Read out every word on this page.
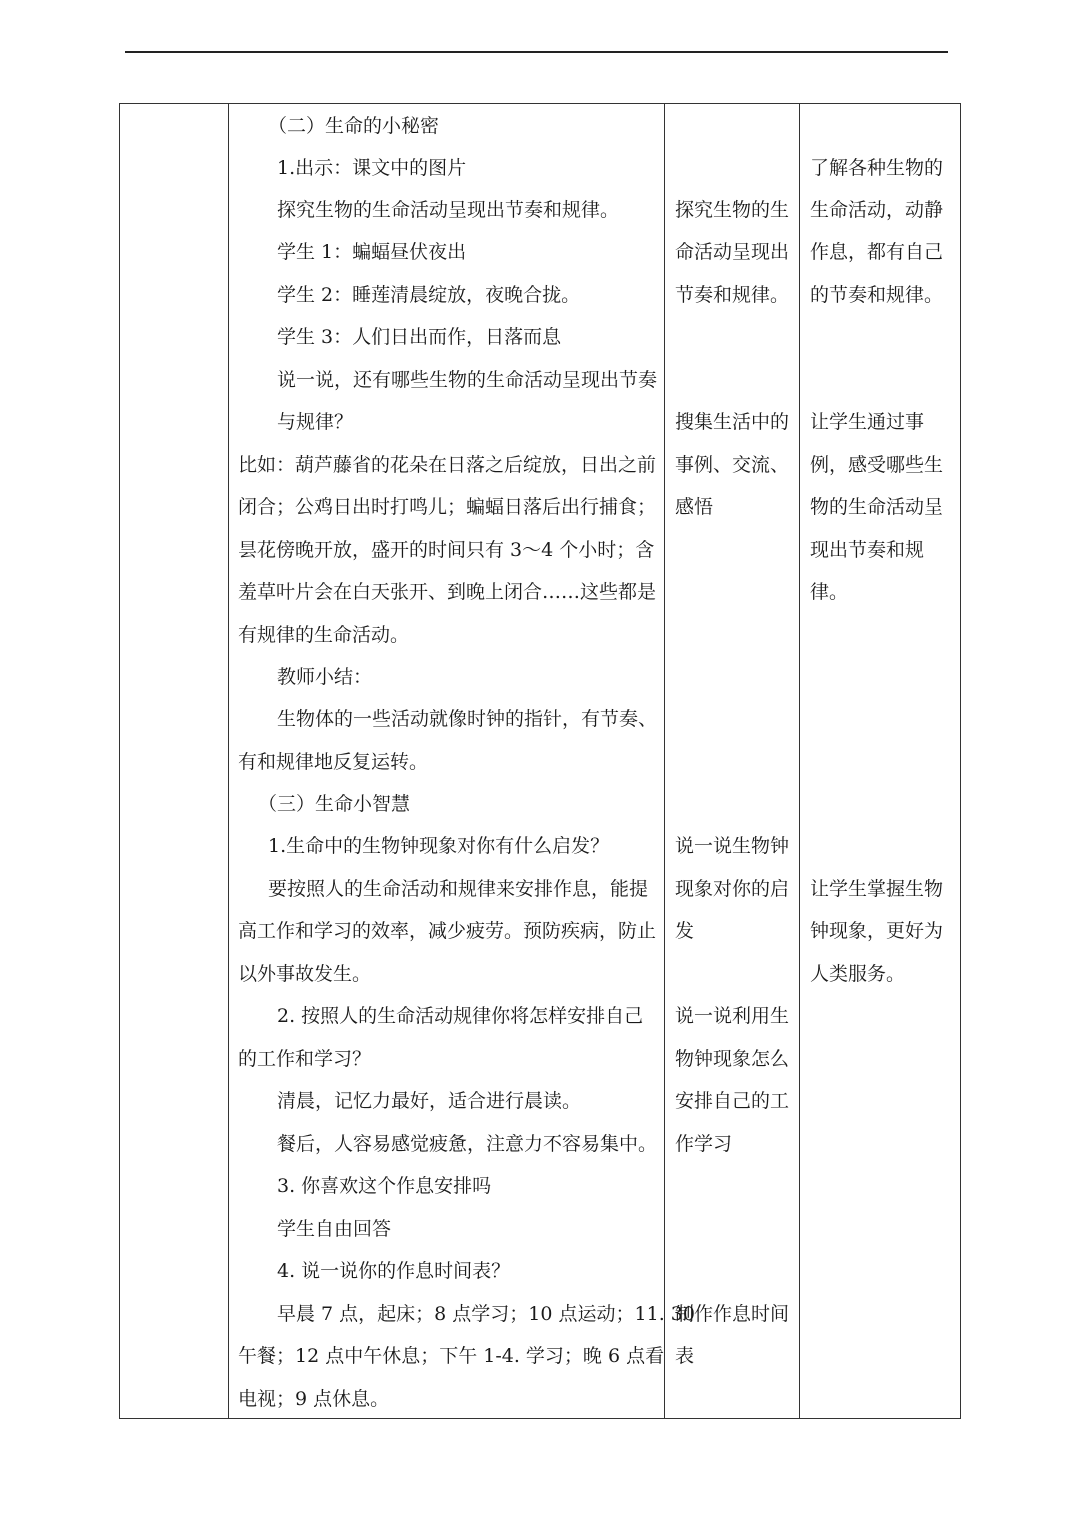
（二）生命的小秘密
1.出示：课文中的图片
探究生物的生命活动呈现出节奏和规律。
学生 1：蝙蝠昼伏夜出
学生 2：睡莲清晨绽放，夜晚合拢。
学生 3：人们日出而作，日落而息
说一说，还有哪些生物的生命活动呈现出节奏
与规律？
比如：葫芦藤省的花朵在日落之后绽放，日出之前
闭合；公鸡日出时打鸣儿；蝙蝠日落后出行捕食；
昙花傍晚开放，盛开的时间只有 3～4 个小时；含
羞草叶片会在白天张开、到晚上闭合……这些都是
有规律的生命活动。
教师小结：
生物体的一些活动就像时钟的指针，有节奏、
有和规律地反复运转。
（三）生命小智慧
1.生命中的生物钟现象对你有什么启发？
要按照人的生命活动和规律来安排作息，能提
高工作和学习的效率，减少疲劳。预防疾病，防止
以外事故发生。
2. 按照人的生命活动规律你将怎样安排自己
的工作和学习？
清晨，记忆力最好，适合进行晨读。
餐后，人容易感觉疲惫，注意力不容易集中。
3. 你喜欢这个作息安排吗
学生自由回答
4. 说一说你的作息时间表？
早晨 7 点，起床；8 点学习；10 点运动；11. 30
午餐；12 点中午休息；下午 1-4. 学习；晚 6 点看
电视；9 点休息。
探究生物的生
命活动呈现出
节奏和规律。
搜集生活中的
事例、交流、
感悟
说一说生物钟
现象对你的启
发
说一说利用生
物钟现象怎么
安排自己的工
作学习
制作作息时间
表
了解各种生物的
生命活动，动静
作息，都有自己
的节奏和规律。
让学生通过事
例，感受哪些生
物的生命活动呈
现出节奏和规
律。
让学生掌握生物
钟现象，更好为
人类服务。
